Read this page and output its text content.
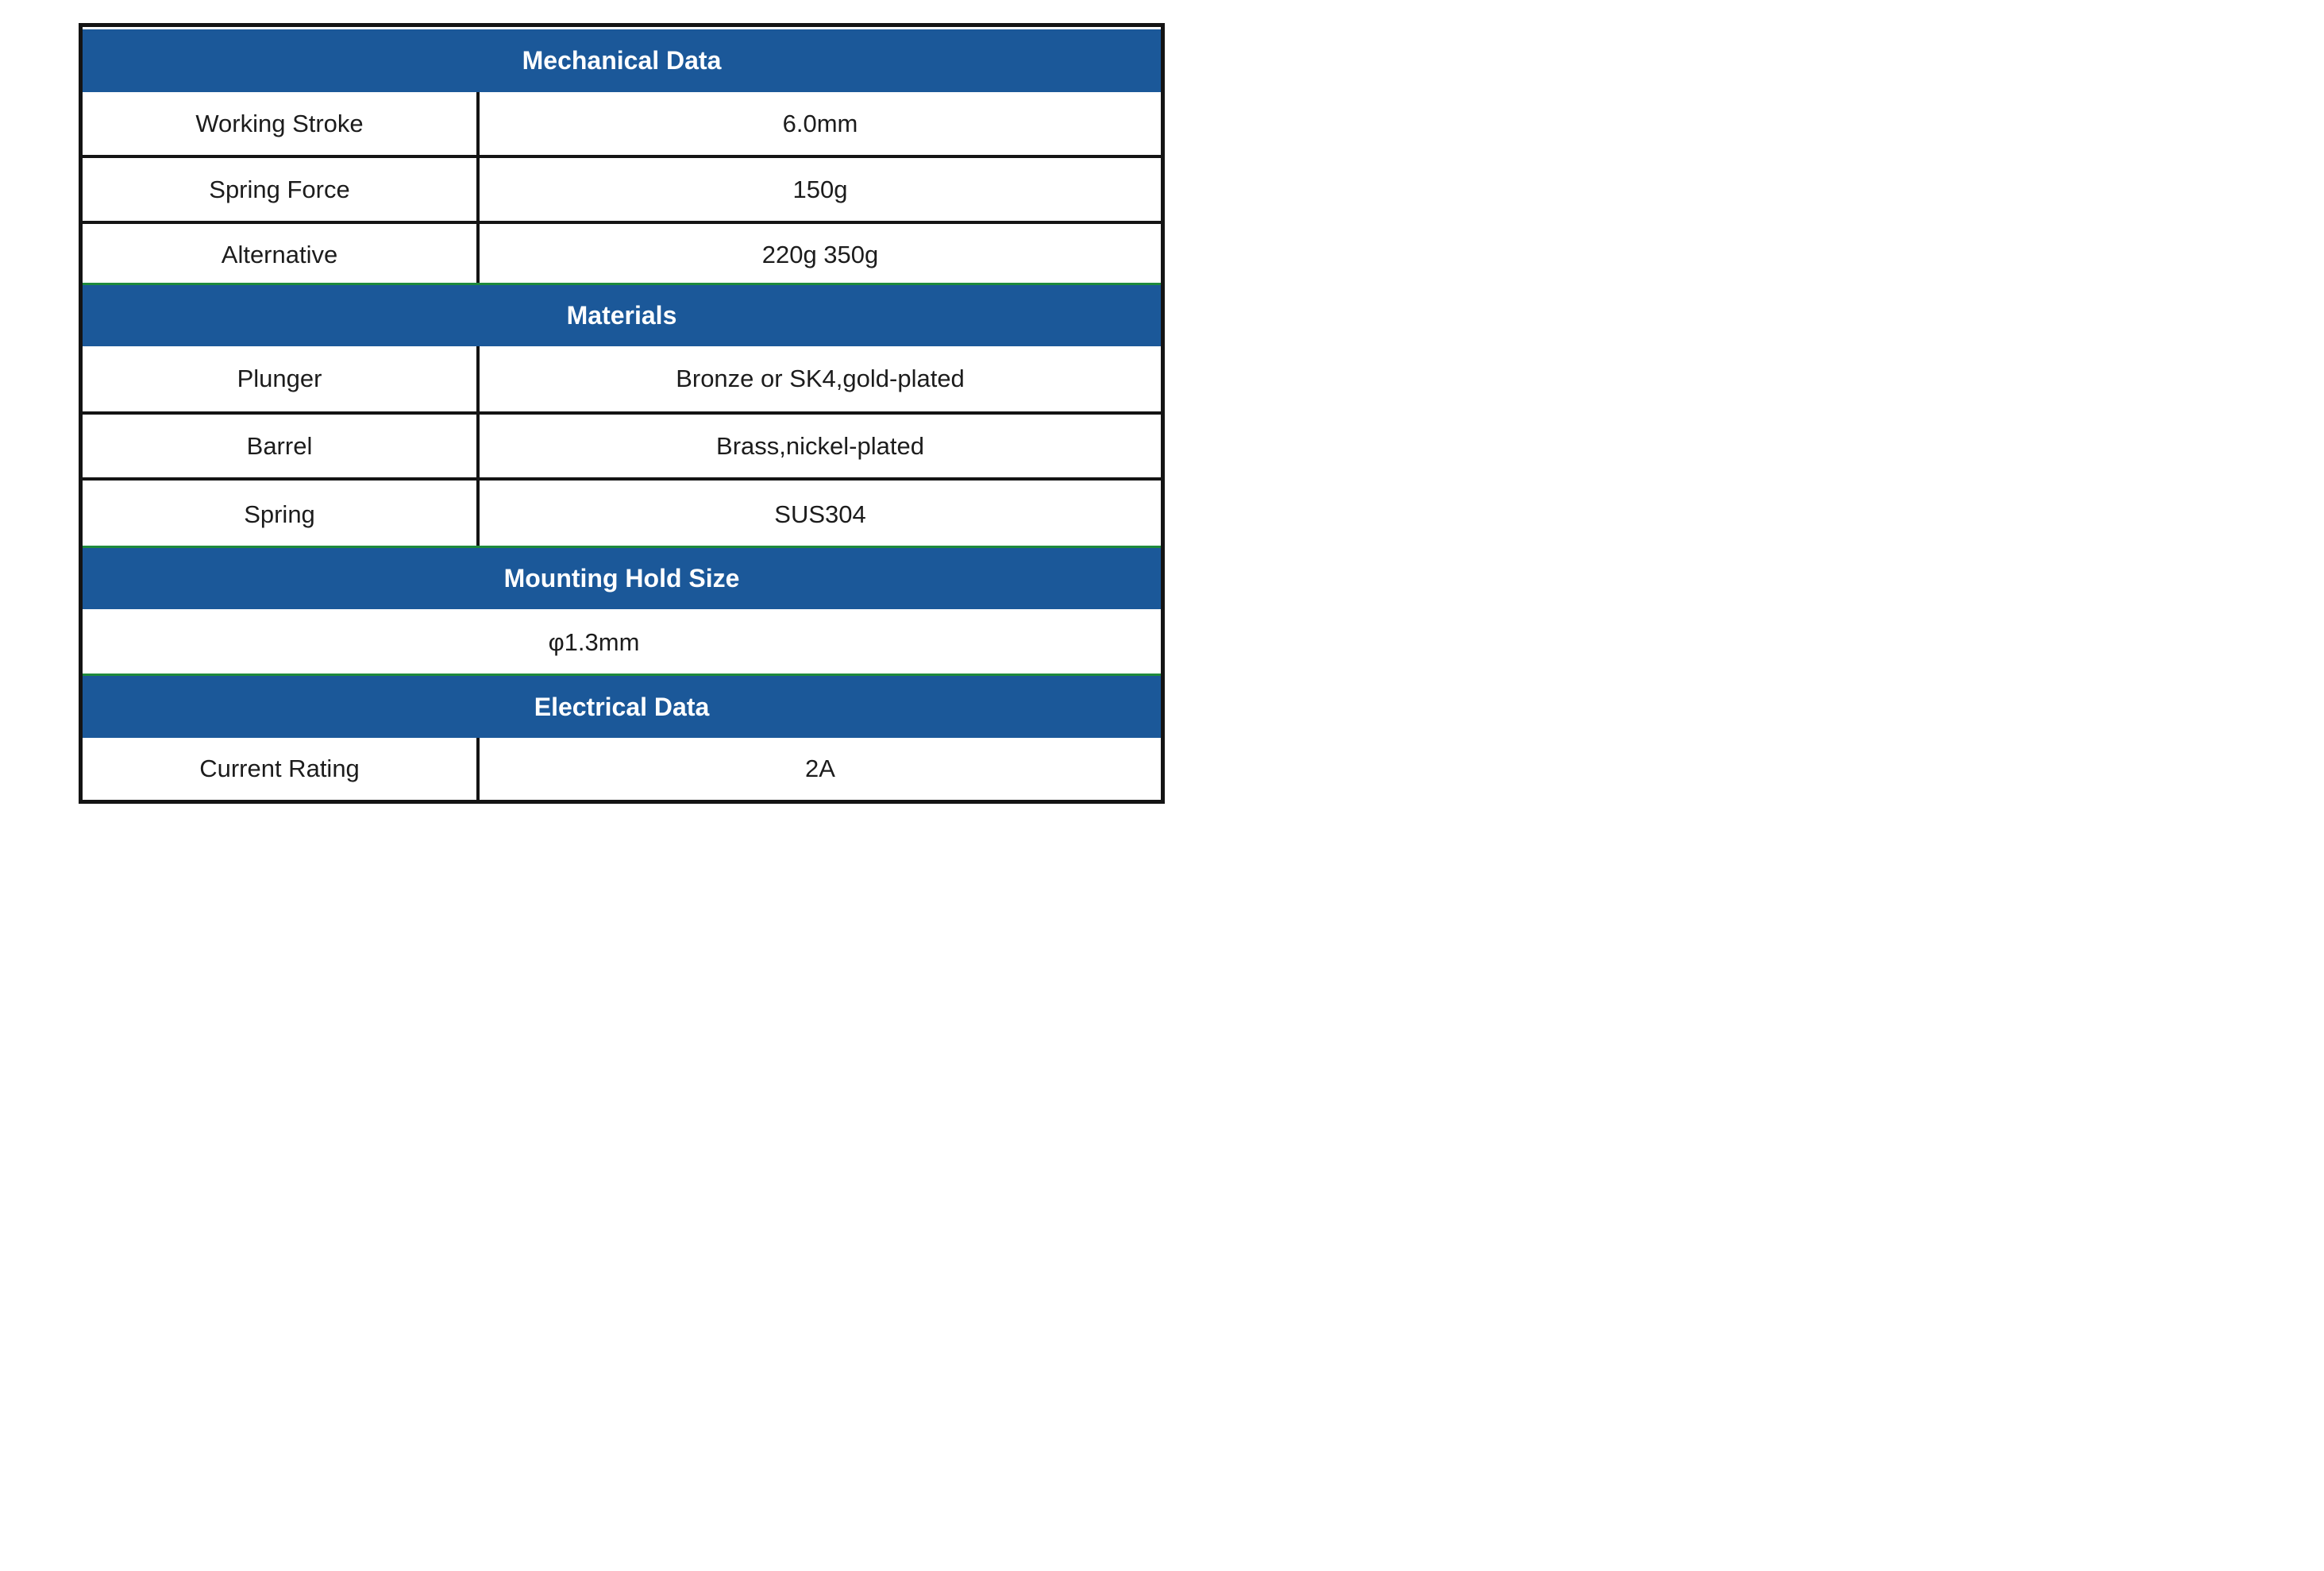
Mechanical Data
Working Stroke	6.0mm
Spring Force	150g
Alternative	220g 350g
Materials
Plunger	Bronze or SK4,gold-plated
Barrel	Brass,nickel-plated
Spring	SUS304
Mounting Hold Size
φ1.3mm
Electrical Data
Current Rating	2A
